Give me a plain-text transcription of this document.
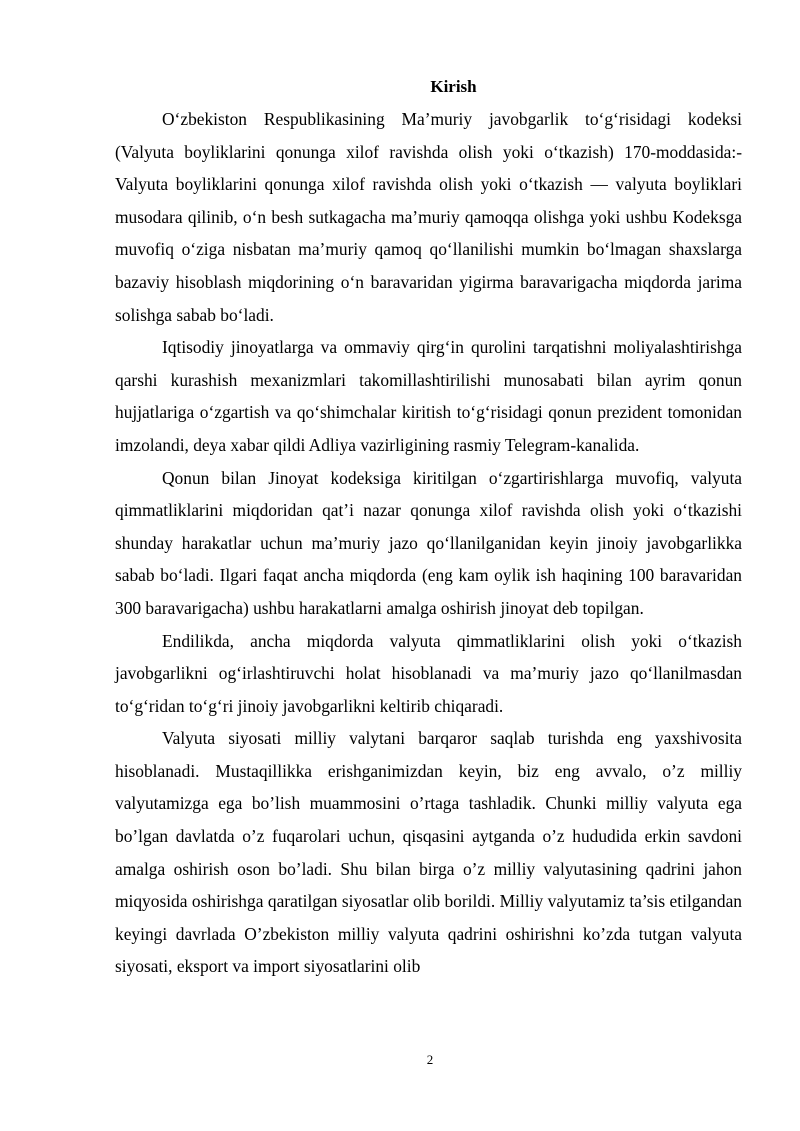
Kirish

O‘zbekiston Respublikasining Ma’muriy javobgarlik to‘g‘risidagi kodeksi (Valyuta boyliklarini qonunga xilof ravishda olish yoki o‘tkazish) 170-moddasida:- Valyuta boyliklarini qonunga xilof ravishda olish yoki o‘tkazish — valyuta boyliklari musodara qilinib, o‘n besh sutkagacha ma’muriy qamoqqa olishga yoki ushbu Kodeksga muvofiq o‘ziga nisbatan ma’muriy qamoq qo‘llanilishi mumkin bo‘lmagan shaxslarga bazaviy hisoblash miqdorining o‘n baravaridan yigirma baravarigacha miqdorda jarima solishga sabab bo‘ladi.

Iqtisodiy jinoyatlarga va ommaviy qirg‘in qurolini tarqatishni moliyalashtirishga qarshi kurashish mexanizmlari takomillashtirilishi munosabati bilan ayrim qonun hujjatlariga o‘zgartish va qo‘shimchalar kiritish to‘g‘risidagi qonun prezident tomonidan imzolandi, deya xabar qildi Adliya vazirligining rasmiy Telegram-kanalida.

Qonun bilan Jinoyat kodeksiga kiritilgan o‘zgartirishlarga muvofiq, valyuta qimmatliklarini miqdoridan qat’i nazar qonunga xilof ravishda olish yoki o‘tkazishi shunday harakatlar uchun ma’muriy jazo qo‘llanilganidan keyin jinoiy javobgarlikka sabab bo‘ladi. Ilgari faqat ancha miqdorda (eng kam oylik ish haqining 100 baravaridan 300 baravarigacha) ushbu harakatlarni amalga oshirish jinoyat deb topilgan.

Endilikda, ancha miqdorda valyuta qimmatliklarini olish yoki o‘tkazish javobgarlikni og‘irlashtiruvchi holat hisoblanadi va ma’muriy jazo qo‘llanilmasdan to‘g‘ridan to‘g‘ri jinoiy javobgarlikni keltirib chiqaradi.

Valyuta siyosati milliy valytani barqaror saqlab turishda eng yaxshivosita hisoblanadi. Mustaqillikka erishganimizdan keyin, biz eng avvalo, o’z milliy valyutamizga ega bo’lish muammosini o’rtaga tashladik. Chunki milliy valyuta ega bo’lgan davlatda o’z fuqarolari uchun, qisqasini aytganda o’z hududida erkin savdoni amalga oshirish oson bo’ladi. Shu bilan birga o’z milliy valyutasining qadrini jahon miqyosida oshirishga qaratilgan siyosatlar olib borildi. Milliy valyutamiz ta’sis etilgandan keyingi davrlada O’zbekiston milliy valyuta qadrini oshirishni ko’zda tutgan valyuta siyosati, eksport va import siyosatlarini olib

2
